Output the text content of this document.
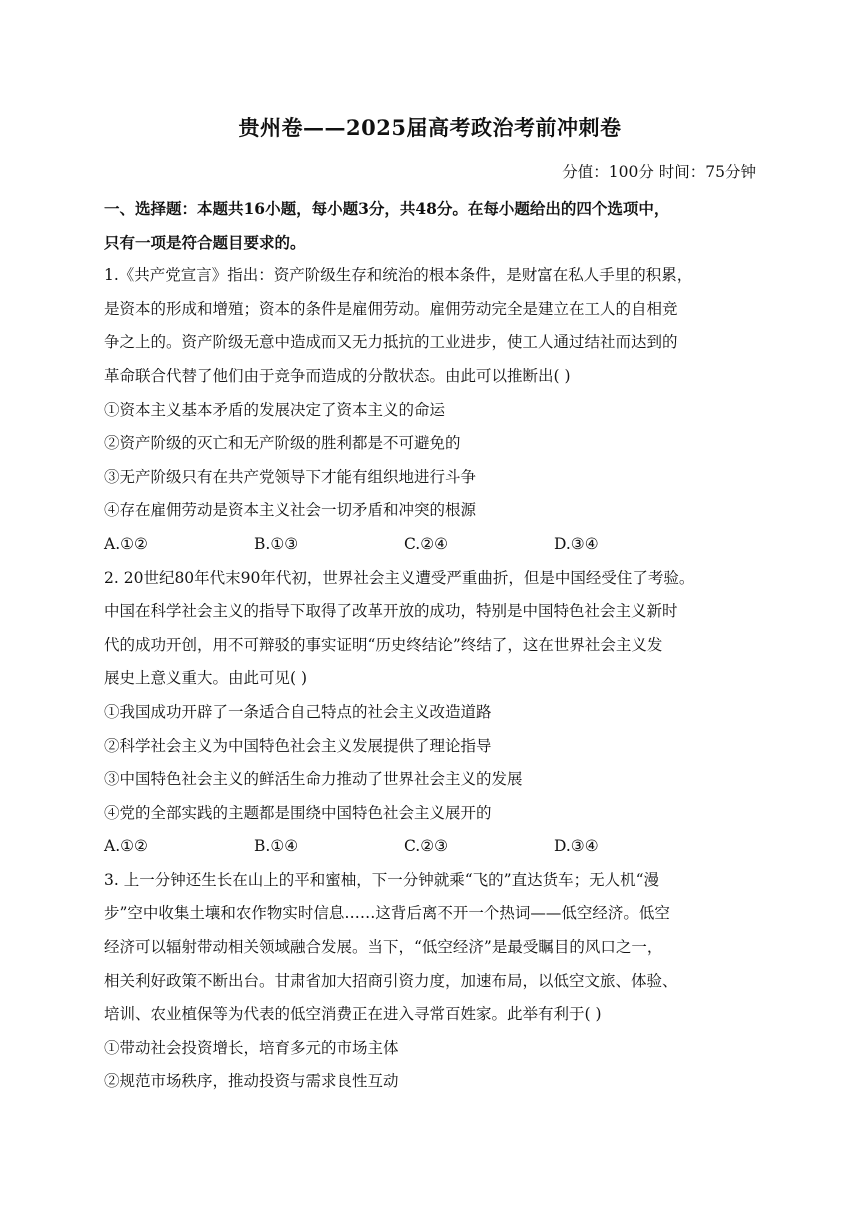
贵州卷——2025届高考政治考前冲刺卷
分值：100分 时间：75分钟
一、选择题：本题共16小题，每小题3分，共48分。在每小题给出的四个选项中，
只有一项是符合题目要求的。
1.《共产党宣言》指出：资产阶级生存和统治的根本条件，是财富在私人手里的积累，
是资本的形成和增殖；资本的条件是雇佣劳动。雇佣劳动完全是建立在工人的自相竞
争之上的。资产阶级无意中造成而又无力抵抗的工业进步，使工人通过结社而达到的
革命联合代替了他们由于竞争而造成的分散状态。由此可以推断出( )
①资本主义基本矛盾的发展决定了资本主义的命运
②资产阶级的灭亡和无产阶级的胜利都是不可避免的
③无产阶级只有在共产党领导下才能有组织地进行斗争
④存在雇佣劳动是资本主义社会一切矛盾和冲突的根源
A.①②	B.①③	C.②④	D.③④
2. 20世纪80年代末90年代初，世界社会主义遭受严重曲折，但是中国经受住了考验。
中国在科学社会主义的指导下取得了改革开放的成功，特别是中国特色社会主义新时
代的成功开创，用不可辩驳的事实证明“历史终结论”终结了，这在世界社会主义发
展史上意义重大。由此可见( )
①我国成功开辟了一条适合自己特点的社会主义改造道路
②科学社会主义为中国特色社会主义发展提供了理论指导
③中国特色社会主义的鲜活生命力推动了世界社会主义的发展
④党的全部实践的主题都是围绕中国特色社会主义展开的
A.①②	B.①④	C.②③	D.③④
3. 上一分钟还生长在山上的平和蜜柚，下一分钟就乘“飞的”直达货车；无人机“漫
步”空中收集土壤和农作物实时信息……这背后离不开一个热词——低空经济。低空
经济可以辐射带动相关领域融合发展。当下，“低空经济”是最受瞩目的风口之一，
相关利好政策不断出台。甘肃省加大招商引资力度，加速布局，以低空文旅、体验、
培训、农业植保等为代表的低空消费正在进入寻常百姓家。此举有利于( )
①带动社会投资增长，培育多元的市场主体
②规范市场秩序，推动投资与需求良性互动
